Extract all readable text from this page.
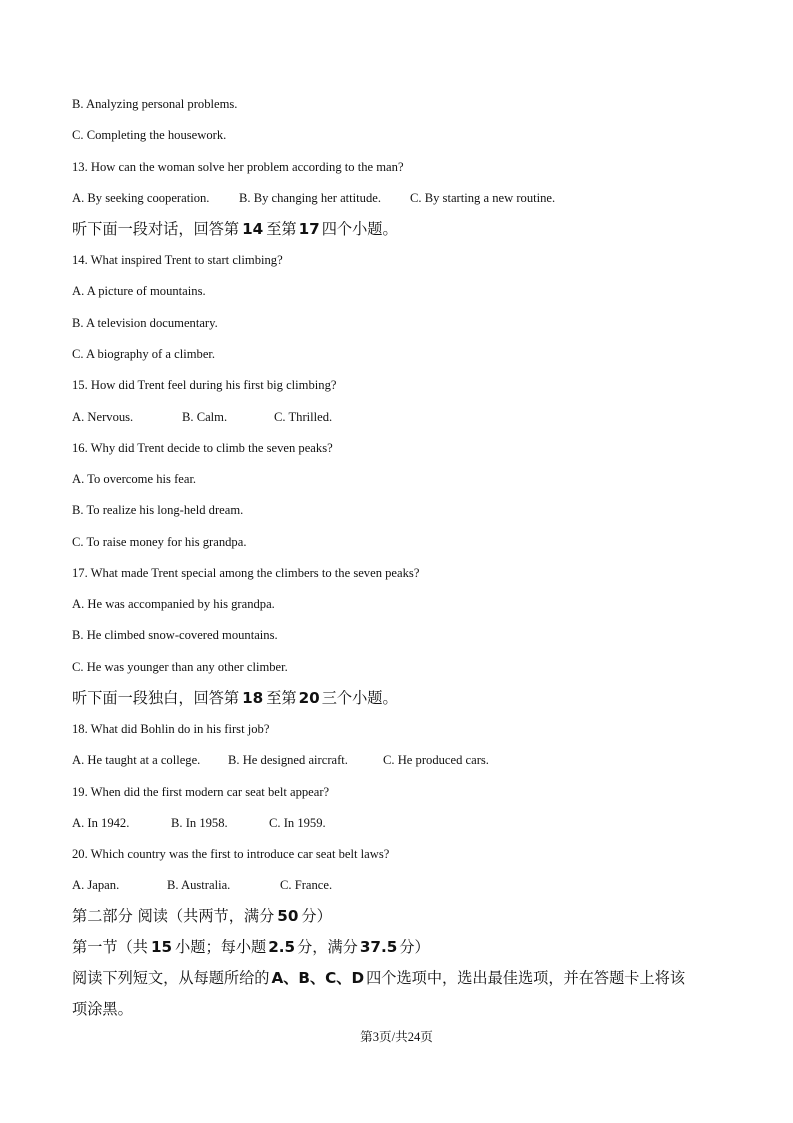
B. Analyzing personal problems.
C. Completing the housework.
13. How can the woman solve her problem according to the man?
A. By seeking cooperation. B. By changing her attitude. C. By starting a new routine.
听下面一段对话，回答第 14 至第 17 四个小题。
14. What inspired Trent to start climbing?
A. A picture of mountains.
B. A television documentary.
C. A biography of a climber.
15. How did Trent feel during his first big climbing?
A. Nervous.	B. Calm.	C. Thrilled.
16. Why did Trent decide to climb the seven peaks?
A. To overcome his fear.
B. To realize his long-held dream.
C. To raise money for his grandpa.
17. What made Trent special among the climbers to the seven peaks?
A. He was accompanied by his grandpa.
B. He climbed snow-covered mountains.
C. He was younger than any other climber.
听下面一段独白，回答第 18 至第 20 三个小题。
18. What did Bohlin do in his first job?
A. He taught at a college. B. He designed aircraft.	C. He produced cars.
19. When did the first modern car seat belt appear?
A. In 1942.	B. In 1958.	C. In 1959.
20. Which country was the first to introduce car seat belt laws?
A. Japan.	B. Australia.	C. France.
第二部分 阅读（共两节，满分 50 分）
第一节（共 15 小题；每小题 2.5 分，满分 37.5 分）
阅读下列短文，从每题所给的 A、B、C、D 四个选项中，选出最佳选项，并在答题卡上将该
项涂黑。
第3页/共24页
